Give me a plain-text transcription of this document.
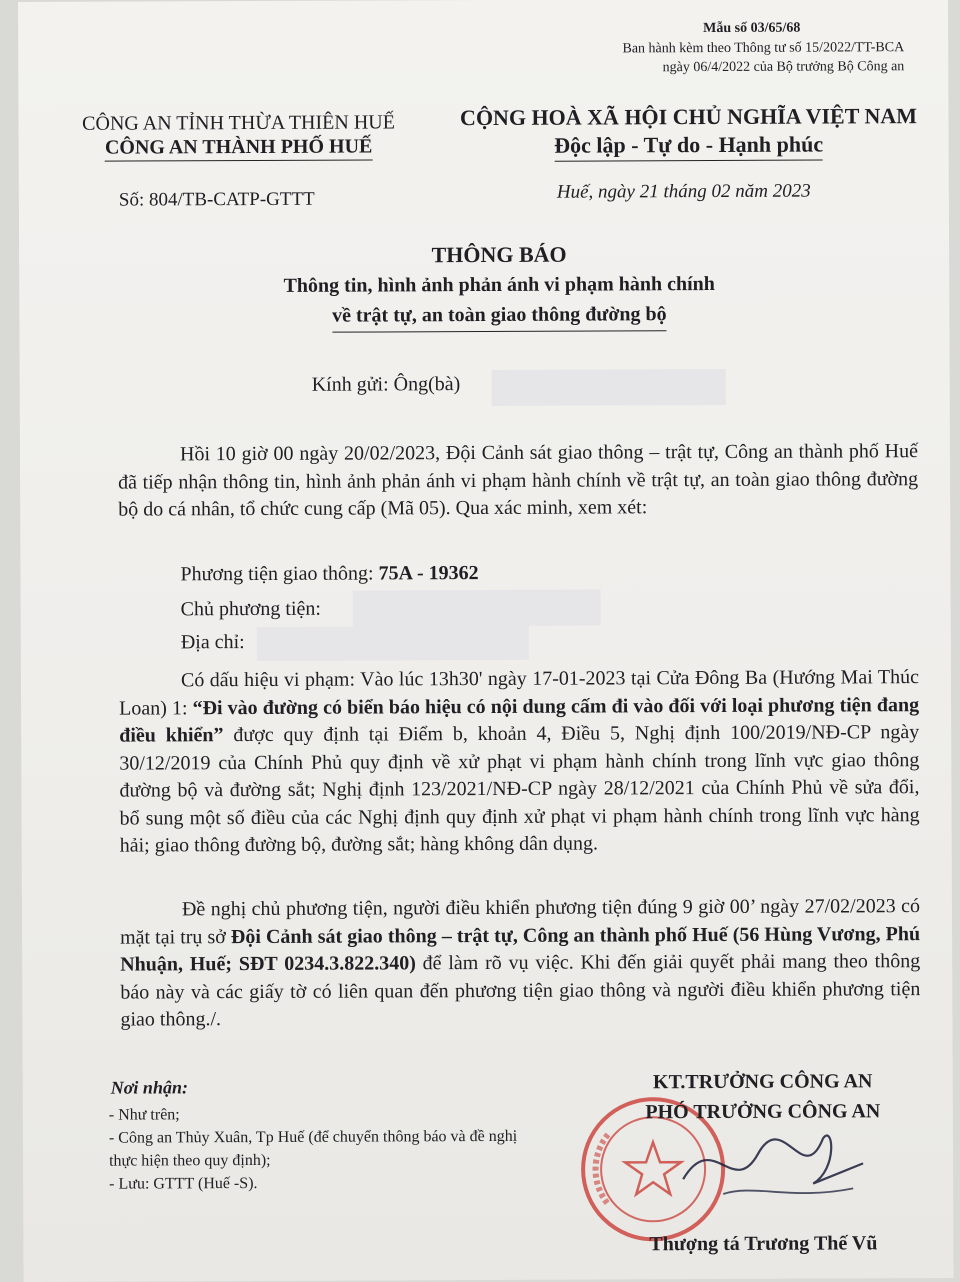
Mẫu số 03/65/68
Ban hành kèm theo Thông tư số 15/2022/TT-BCA
ngày 06/4/2022 của Bộ trưởng Bộ Công an
CÔNG AN TỈNH THỪA THIÊN HUẾ
CÔNG AN THÀNH PHỐ HUẾ
CỘNG HOÀ XÃ HỘI CHỦ NGHĨA VIỆT NAM
Độc lập - Tự do - Hạnh phúc
Số: 804/TB-CATP-GTTT	Huế, ngày 21 tháng 02 năm 2023
THÔNG BÁO
Thông tin, hình ảnh phản ánh vi phạm hành chính
về trật tự, an toàn giao thông đường bộ
Kính gửi: Ông(bà)

Hồi 10 giờ 00 ngày 20/02/2023, Đội Cảnh sát giao thông – trật tự, Công an thành phố Huế đã tiếp nhận thông tin, hình ảnh phản ánh vi phạm hành chính về trật tự, an toàn giao thông đường bộ do cá nhân, tổ chức cung cấp (Mã 05). Qua xác minh, xem xét:

Phương tiện giao thông: 75A - 19362
Chủ phương tiện:
Địa chỉ:

Có dấu hiệu vi phạm: Vào lúc 13h30' ngày 17-01-2023 tại Cửa Đông Ba (Hướng Mai Thúc Loan) 1: “Đi vào đường có biển báo hiệu có nội dung cấm đi vào đối với loại phương tiện đang điều khiển” được quy định tại Điểm b, khoản 4, Điều 5, Nghị định 100/2019/NĐ-CP ngày 30/12/2019 của Chính Phủ quy định về xử phạt vi phạm hành chính trong lĩnh vực giao thông đường bộ và đường sắt; Nghị định 123/2021/NĐ-CP ngày 28/12/2021 của Chính Phủ về sửa đổi, bổ sung một số điều của các Nghị định quy định xử phạt vi phạm hành chính trong lĩnh vực hàng hải; giao thông đường bộ, đường sắt; hàng không dân dụng.

Đề nghị chủ phương tiện, người điều khiển phương tiện đúng 9 giờ 00’ ngày 27/02/2023 có mặt tại trụ sở Đội Cảnh sát giao thông – trật tự, Công an thành phố Huế (56 Hùng Vương, Phú Nhuận, Huế; SĐT 0234.3.822.340) để làm rõ vụ việc. Khi đến giải quyết phải mang theo thông báo này và các giấy tờ có liên quan đến phương tiện giao thông và người điều khiển phương tiện giao thông./.

Nơi nhận:
- Như trên;
- Công an Thủy Xuân, Tp Huế (để chuyển thông báo và đề nghị thực hiện theo quy định);
- Lưu: GTTT (Huế -S).
KT.TRƯỞNG CÔNG AN
PHÓ TRƯỞNG CÔNG AN
Thượng tá Trương Thế Vũ
